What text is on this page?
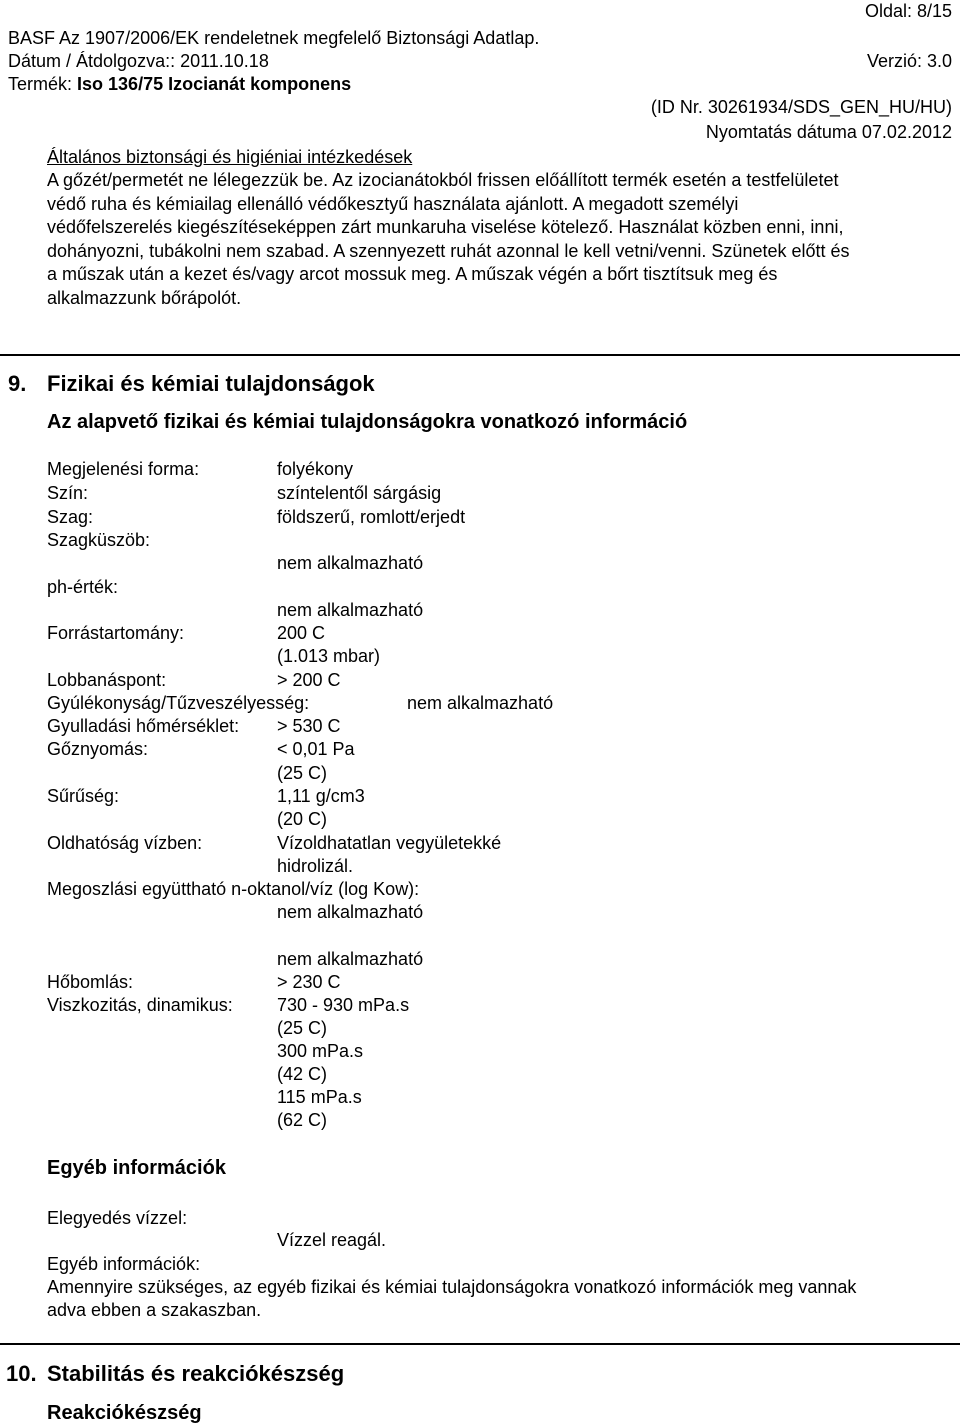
Oldal: 8/15
BASF Az 1907/2006/EK rendeletnek megfelelő Biztonsági Adatlap.
Dátum / Átdolgozva:: 2011.10.18	Verzió: 3.0
Termék: Iso 136/75 Izocianát komponens
(ID Nr. 30261934/SDS_GEN_HU/HU)
Nyomtatás dátuma 07.02.2012
Általános biztonsági és higiéniai intézkedések
A gőzét/permetét ne lélegezzük be. Az izocianátokból frissen előállított termék esetén a testfelületet
védő ruha és kémiailag ellenálló védőkesztyű használata ajánlott. A megadott személyi
védőfelszerelés kiegészítéseképpen zárt munkaruha viselése kötelező. Használat közben enni, inni,
dohányozni, tubákolni nem szabad. A szennyezett ruhát azonnal le kell vetni/venni. Szünetek előtt és
a műszak után a kezet és/vagy arcot mossuk meg. A műszak végén a bőrt tisztítsuk meg és
alkalmazzunk bőrápolót.
9. Fizikai és kémiai tulajdonságok
Az alapvető fizikai és kémiai tulajdonságokra vonatkozó információ
Megjelenési forma:	folyékony
Szín:	színtelentől sárgásig
Szag:	földszerű, romlott/erjedt
Szagküszöb:
nem alkalmazható
ph-érték:
nem alkalmazható
Forrástartomány:	200 C
(1.013 mbar)
Lobbanáspont:	> 200 C
Gyúlékonyság/Tűzveszélyesség:	nem alkalmazható
Gyulladási hőmérséklet: > 530 C
Gőznyomás:	< 0,01 Pa
(25 C)
Sűrűség:	1,11 g/cm3
(20 C)
Oldhatóság vízben:	Vízoldhatatlan vegyületekké
hidrolizál.
Megoszlási együttható n-oktanol/víz (log Kow):
nem alkalmazható
nem alkalmazható
Hőbomlás:	> 230 C
Viszkozitás, dinamikus: 730 - 930 mPa.s
(25 C)
300 mPa.s
(42 C)
115 mPa.s
(62 C)
Egyéb információk
Elegyedés vízzel:
Vízzel reagál.
Egyéb információk:
Amennyire szükséges, az egyéb fizikai és kémiai tulajdonságokra vonatkozó információk meg vannak
adva ebben a szakaszban.
10. Stabilitás és reakciókészség
Reakciókészség
